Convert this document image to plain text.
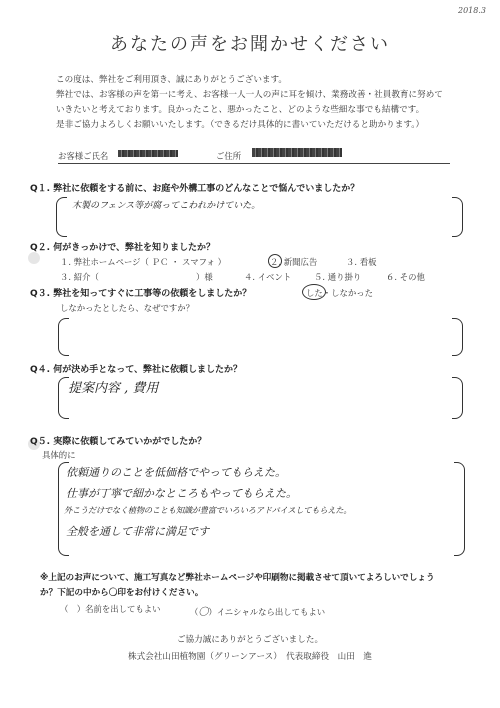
2018.3
あなたの声をお聞かせください
この度は、弊社をご利用頂き、誠にありがとうございます。
弊社では、お客様の声を第一に考え、お客様一人一人の声に耳を傾け、業務改善・社員教育に努めて
いきたいと考えております。良かったこと、悪かったこと、どのような些細な事でも結構です。
是非ご協力よろしくお願いいたします。（できるだけ具体的に書いていただけると助かります。）
お客様ご氏名	ご住所
Q１. 弊社に依頼をする前に、お庭や外構工事のどんなことで悩んでいましたか？
木製のフェンス等が腐ってこわれかけていた。
Q２. 何がきっかけで、弊社を知りましたか？
１. 弊社ホームページ（ ＰＣ ・ スマフォ ）	２. 新聞広告	３. 看板
３. 紹介（	）様	４. イベント	５. 通り掛り	６. その他
Q３. 弊社を知ってすぐに工事等の依頼をしましたか？	した・しなかった
しなかったとしたら、なぜですか？
Q４. 何が決め手となって、弊社に依頼しましたか？
提案内容 , 費用
Q５. 実際に依頼してみていかがでしたか？
具体的に
依頼通りのことを低価格でやってもらえた。
仕事が丁寧で細かなところもやってもらえた。
外こうだけでなく植物のことも知識が豊富でいろいろアドバイスしてもらえた。
全般を通して非常に満足です
※上記のお声について、施工写真など弊社ホームページや印刷物に掲載させて頂いてよろしいでしょう
か？下記の中から〇印をお付けください。
（　）名前を出してもよい	（〇）イニシャルなら出してもよい
ご協力誠にありがとうございました。
株式会社山田植物園（グリーンアース）　代表取締役　山田　進
